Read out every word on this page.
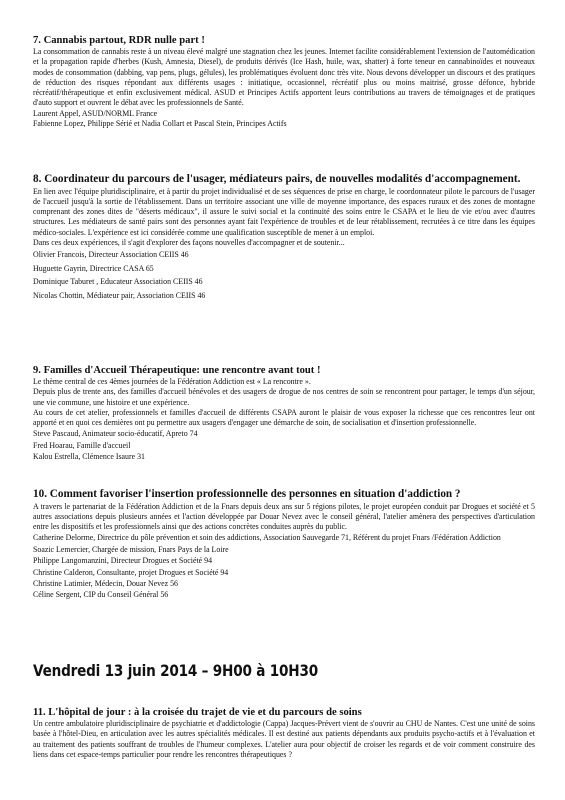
7. Cannabis partout, RDR nulle part !

La consommation de cannabis reste à un niveau élevé malgré une stagnation chez les jeunes. Internet facilite considérablement l'extension de l'automédication et la propagation rapide d'herbes (Kush, Amnesia, Diesel), de produits dérivés (Ice Hash, huile, wax, shatter) à forte teneur en cannabinoïdes et nouveaux modes de consommation (dabbing, vap pens, plugs, gélules), les problématiques évoluent donc très vite. Nous devons développer un discours et des pratiques de réduction des risques répondant aux différents usages : initiatique, occasionnel, récréatif plus ou moins maitrisé, grosse défonce, hybride récréatif/thérapeutique et enfin exclusivement médical. ASUD et Principes Actifs apportent leurs contributions au travers de témoignages et de pratiques d'auto support et ouvrent le débat avec les professionnels de Santé.

Laurent Appel, ASUD/NORML France
Fabienne Lopez, Philippe Sérié et Nadia Collart et Pascal Stein, Principes Actifs

8. Coordinateur du parcours de l'usager, médiateurs pairs, de nouvelles modalités d'accompagnement.

En lien avec l'équipe pluridisciplinaire, et à partir du projet individualisé et de ses séquences de prise en charge, le coordonnateur pilote le parcours de l'usager de l'accueil jusqu'à la sortie de l'établissement. Dans un territoire associant une ville de moyenne importance, des espaces ruraux et des zones de montagne comprenant des zones dites de "déserts médicaux", il assure le suivi social et la continuité des soins entre le CSAPA et le lieu de vie et/ou avec d'autres structures. Les médiateurs de santé pairs sont des personnes ayant fait l'expérience de troubles et de leur rétablissement, recrutées à ce titre dans les équipes médico-sociales. L'expérience est ici considérée comme une qualification susceptible de mener à un emploi.

Dans ces deux expériences, il s'agit d'explorer des façons nouvelles d'accompagner et de soutenir...

Olivier Francois, Directeur Association CEIIS 46
Huguette Gayrin, Directrice CASA 65
Dominique Taburet , Educateur Association CEIIS 46
Nicolas Chottin, Médiateur pair, Association CEIIS 46

9. Familles d'Accueil Thérapeutique: une rencontre avant tout !

Le thème central de ces 4èmes journées de la Fédération Addiction est « La rencontre ».

Depuis plus de trente ans, des familles d'accueil bénévoles et des usagers de drogue de nos centres de soin se rencontrent pour partager, le temps d'un séjour, une vie commune, une histoire et une expérience.

Au cours de cet atelier, professionnels et familles d'accueil de différents CSAPA auront le plaisir de vous exposer la richesse que ces rencontres leur ont apporté et en quoi ces dernières ont pu permettre aux usagers d'engager une démarche de soin, de socialisation et d'insertion professionnelle.

Steve Pascaud, Animateur socio-éducatif, Apreto 74
Fred Hoarau, Famille d'accueil
Kalou Estrella, Clémence Isaure 31

10. Comment favoriser l'insertion professionnelle des personnes en situation d'addiction ?

A travers le partenariat de la Fédération Addiction et de la Fnars depuis deux ans sur 5 régions pilotes, le projet européen conduit par Drogues et société et 5 autres associations depuis plusieurs années et l'action développée par Douar Nevez avec le conseil général, l'atelier amènera des perspectives d'articulation entre les dispositifs et les professionnels ainsi que des actions concrètes conduites auprès du public.

Catherine Delorme, Directrice du pôle prévention et soin des addictions, Association Sauvegarde 71, Référent du projet Fnars /Fédération Addiction
Soazic Lemercier, Chargée de mission, Fnars Pays de la Loire
Philippe Langomanzini, Directeur Drogues et Société 94
Christine Calderon, Consultante, projet Drogues et Société 94
Christine Latimier, Médecin, Douar Nevez 56
Céline Sergent, CIP du Conseil Général 56
Vendredi 13 juin 2014 – 9H00 à 10H30

11. L'hôpital de jour : à la croisée du trajet de vie et du parcours de soins

Un centre ambulatoire pluridisciplinaire de psychiatrie et d'addictologie (Cappa) Jacques-Prévert vient de s'ouvrir au CHU de Nantes. C'est une unité de soins basée à l'hôtel-Dieu, en articulation avec les autres spécialités médicales. Il est destiné aux patients dépendants aux produits psycho-actifs et à l'évaluation et au traitement des patients souffrant de troubles de l'humeur complexes. L'atelier aura pour objectif de croiser les regards et de voir comment construire des liens dans cet espace-temps particulier pour rendre les rencontres thérapeutiques ?
